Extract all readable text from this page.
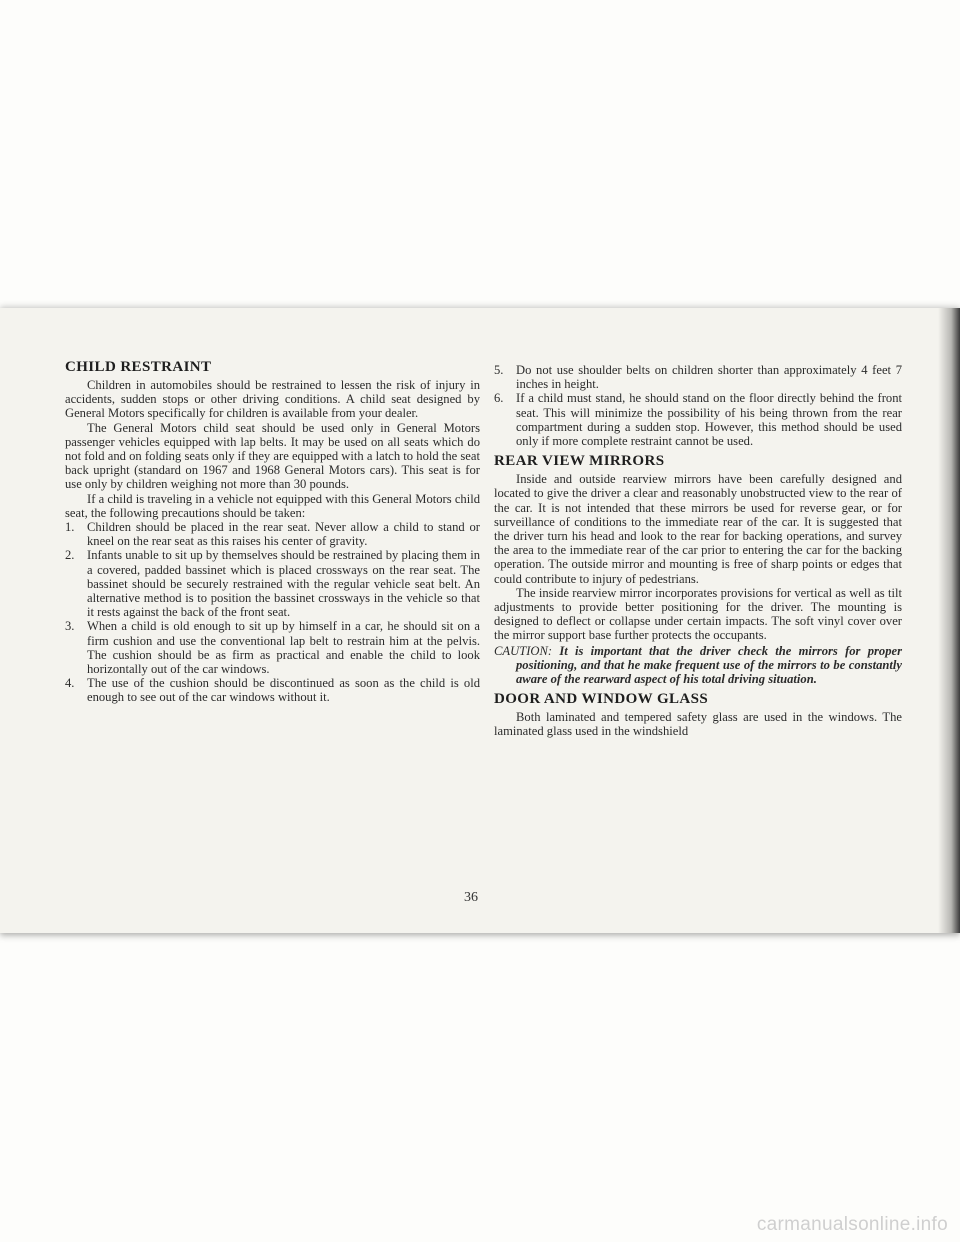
CHILD RESTRAINT

Children in automobiles should be restrained to lessen the risk of injury in accidents, sudden stops or other driving conditions. A child seat designed by General Motors specifically for children is available from your dealer.

The General Motors child seat should be used only in General Motors passenger vehicles equipped with lap belts. It may be used on all seats which do not fold and on folding seats only if they are equipped with a latch to hold the seat back upright (standard on 1967 and 1968 General Motors cars). This seat is for use only by children weighing not more than 30 pounds.

If a child is traveling in a vehicle not equipped with this General Motors child seat, the following precautions should be taken:

1. Children should be placed in the rear seat. Never allow a child to stand or kneel on the rear seat as this raises his center of gravity.
2. Infants unable to sit up by themselves should be restrained by placing them in a covered, padded bassinet which is placed crossways on the rear seat. The bassinet should be securely restrained with the regular vehicle seat belt. An alternative method is to position the bassinet crossways in the vehicle so that it rests against the back of the front seat.
3. When a child is old enough to sit up by himself in a car, he should sit on a firm cushion and use the conventional lap belt to restrain him at the pelvis. The cushion should be as firm as practical and enable the child to look horizontally out of the car windows.
4. The use of the cushion should be discontinued as soon as the child is old enough to see out of the car windows without it.
5. Do not use shoulder belts on children shorter than approximately 4 feet 7 inches in height.
6. If a child must stand, he should stand on the floor directly behind the front seat. This will minimize the possibility of his being thrown from the rear compartment during a sudden stop. However, this method should be used only if more complete restraint cannot be used.
REAR VIEW MIRRORS

Inside and outside rearview mirrors have been carefully designed and located to give the driver a clear and reasonably unobstructed view to the rear of the car. It is not intended that these mirrors be used for reverse gear, or for surveillance of conditions to the immediate rear of the car. It is suggested that the driver turn his head and look to the rear for backing operations, and survey the area to the immediate rear of the car prior to entering the car for the backing operation. The outside mirror and mounting is free of sharp points or edges that could contribute to injury of pedestrians.

The inside rearview mirror incorporates provisions for vertical as well as tilt adjustments to provide better positioning for the driver. The mounting is designed to deflect or collapse under certain impacts. The soft vinyl cover over the mirror support base further protects the occupants.

CAUTION: It is important that the driver check the mirrors for proper positioning, and that he make frequent use of the mirrors to be constantly aware of the rearward aspect of his total driving situation.

DOOR AND WINDOW GLASS

Both laminated and tempered safety glass are used in the windows. The laminated glass used in the windshield

36
carmanualsonline.info
